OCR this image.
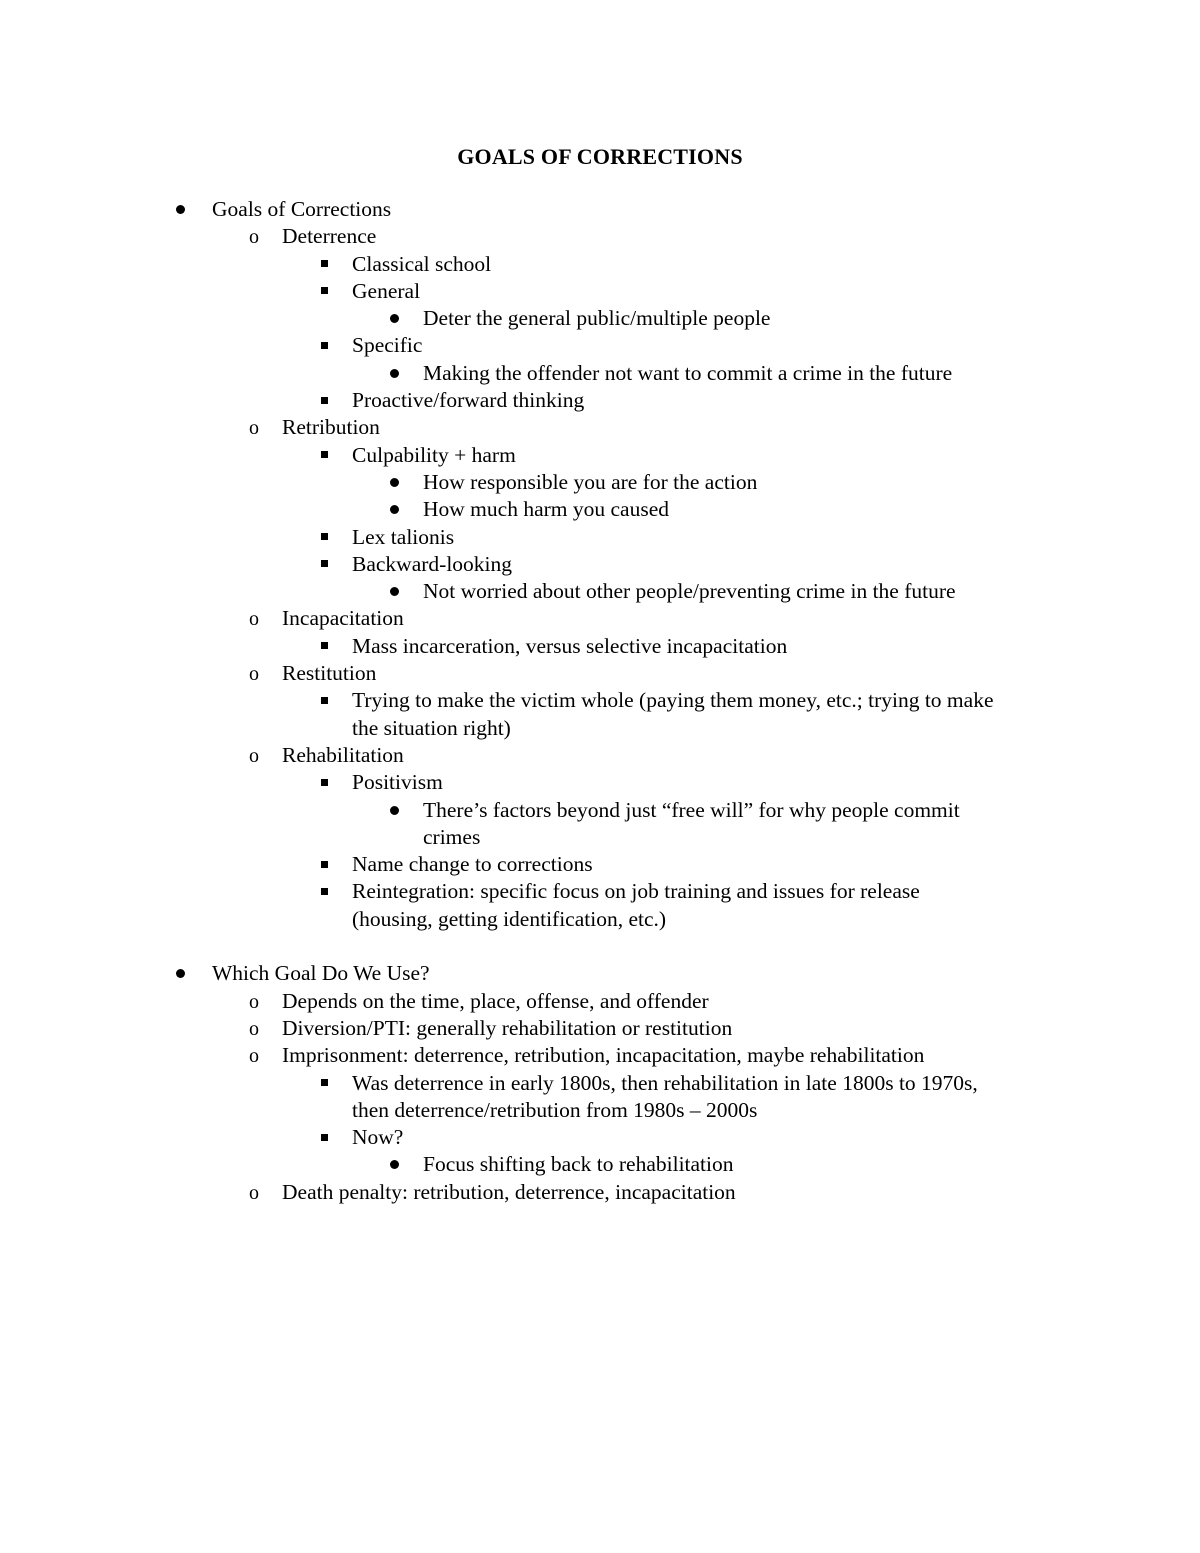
GOALS OF CORRECTIONS
Goals of Corrections
o Deterrence
Classical school
General
Deter the general public/multiple people
Specific
Making the offender not want to commit a crime in the future
Proactive/forward thinking
o Retribution
Culpability + harm
How responsible you are for the action
How much harm you caused
Lex talionis
Backward-looking
Not worried about other people/preventing crime in the future
o Incapacitation
Mass incarceration, versus selective incapacitation
o Restitution
Trying to make the victim whole (paying them money, etc.; trying to make
the situation right)
o Rehabilitation
Positivism
There’s factors beyond just “free will” for why people commit
crimes
Name change to corrections
Reintegration: specific focus on job training and issues for release
(housing, getting identification, etc.)
Which Goal Do We Use?
o Depends on the time, place, offense, and offender
o Diversion/PTI: generally rehabilitation or restitution
o Imprisonment: deterrence, retribution, incapacitation, maybe rehabilitation
Was deterrence in early 1800s, then rehabilitation in late 1800s to 1970s,
then deterrence/retribution from 1980s – 2000s
Now?
Focus shifting back to rehabilitation
o Death penalty: retribution, deterrence, incapacitation
